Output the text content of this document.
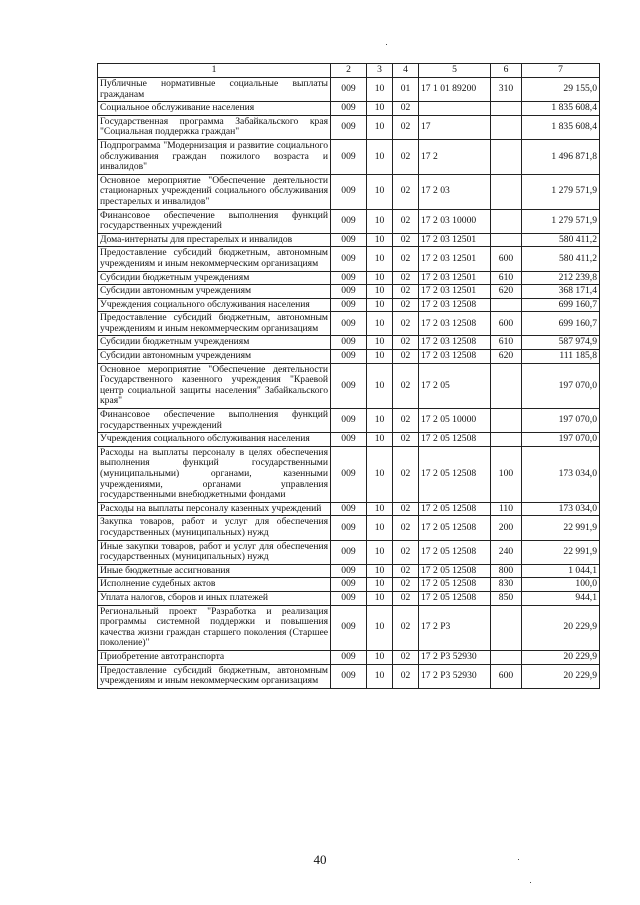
1	2	3	4	5	6	7
Публичные нормативные социальные выплаты гражданам	009	10	01	17 1 01 89200	310	29 155,0
Социальное обслуживание населения	009	10	02			1 835 608,4
Государственная программа Забайкальского края "Социальная поддержка граждан"	009	10	02	17		1 835 608,4
Подпрограмма "Модернизация и развитие социального обслуживания граждан пожилого возраста и инвалидов"	009	10	02	17 2		1 496 871,8
Основное мероприятие "Обеспечение деятельности стационарных учреждений социального обслуживания престарелых и инвалидов"	009	10	02	17 2 03		1 279 571,9
Финансовое обеспечение выполнения функций государственных учреждений	009	10	02	17 2 03 10000		1 279 571,9
Дома-интернаты для престарелых и инвалидов	009	10	02	17 2 03 12501		580 411,2
Предоставление субсидий бюджетным, автономным учреждениям и иным некоммерческим организациям	009	10	02	17 2 03 12501	600	580 411,2
Субсидии бюджетным учреждениям	009	10	02	17 2 03 12501	610	212 239,8
Субсидии автономным учреждениям	009	10	02	17 2 03 12501	620	368 171,4
Учреждения социального обслуживания населения	009	10	02	17 2 03 12508		699 160,7
Предоставление субсидий бюджетным, автономным учреждениям и иным некоммерческим организациям	009	10	02	17 2 03 12508	600	699 160,7
Субсидии бюджетным учреждениям	009	10	02	17 2 03 12508	610	587 974,9
Субсидии автономным учреждениям	009	10	02	17 2 03 12508	620	111 185,8
Основное мероприятие "Обеспечение деятельности Государственного казенного учреждения "Краевой центр социальной защиты населения" Забайкальского края"	009	10	02	17 2 05		197 070,0
Финансовое обеспечение выполнения функций государственных учреждений	009	10	02	17 2 05 10000		197 070,0
Учреждения социального обслуживания населения	009	10	02	17 2 05 12508		197 070,0
Расходы на выплаты персоналу в целях обеспечения выполнения функций государственными (муниципальными) органами, казенными учреждениями, органами управления государственными внебюджетными фондами	009	10	02	17 2 05 12508	100	173 034,0
Расходы на выплаты персоналу казенных учреждений	009	10	02	17 2 05 12508	110	173 034,0
Закупка товаров, работ и услуг для обеспечения государственных (муниципальных) нужд	009	10	02	17 2 05 12508	200	22 991,9
Иные закупки товаров, работ и услуг для обеспечения государственных (муниципальных) нужд	009	10	02	17 2 05 12508	240	22 991,9
Иные бюджетные ассигнования	009	10	02	17 2 05 12508	800	1 044,1
Исполнение судебных актов	009	10	02	17 2 05 12508	830	100,0
Уплата налогов, сборов и иных платежей	009	10	02	17 2 05 12508	850	944,1
Региональный проект "Разработка и реализация программы системной поддержки и повышения качества жизни граждан старшего поколения (Старшее поколение)"	009	10	02	17 2 P3		20 229,9
Приобретение автотранспорта	009	10	02	17 2 P3 52930		20 229,9
Предоставление субсидий бюджетным, автономным учреждениям и иным некоммерческим организациям	009	10	02	17 2 P3 52930	600	20 229,9
40
